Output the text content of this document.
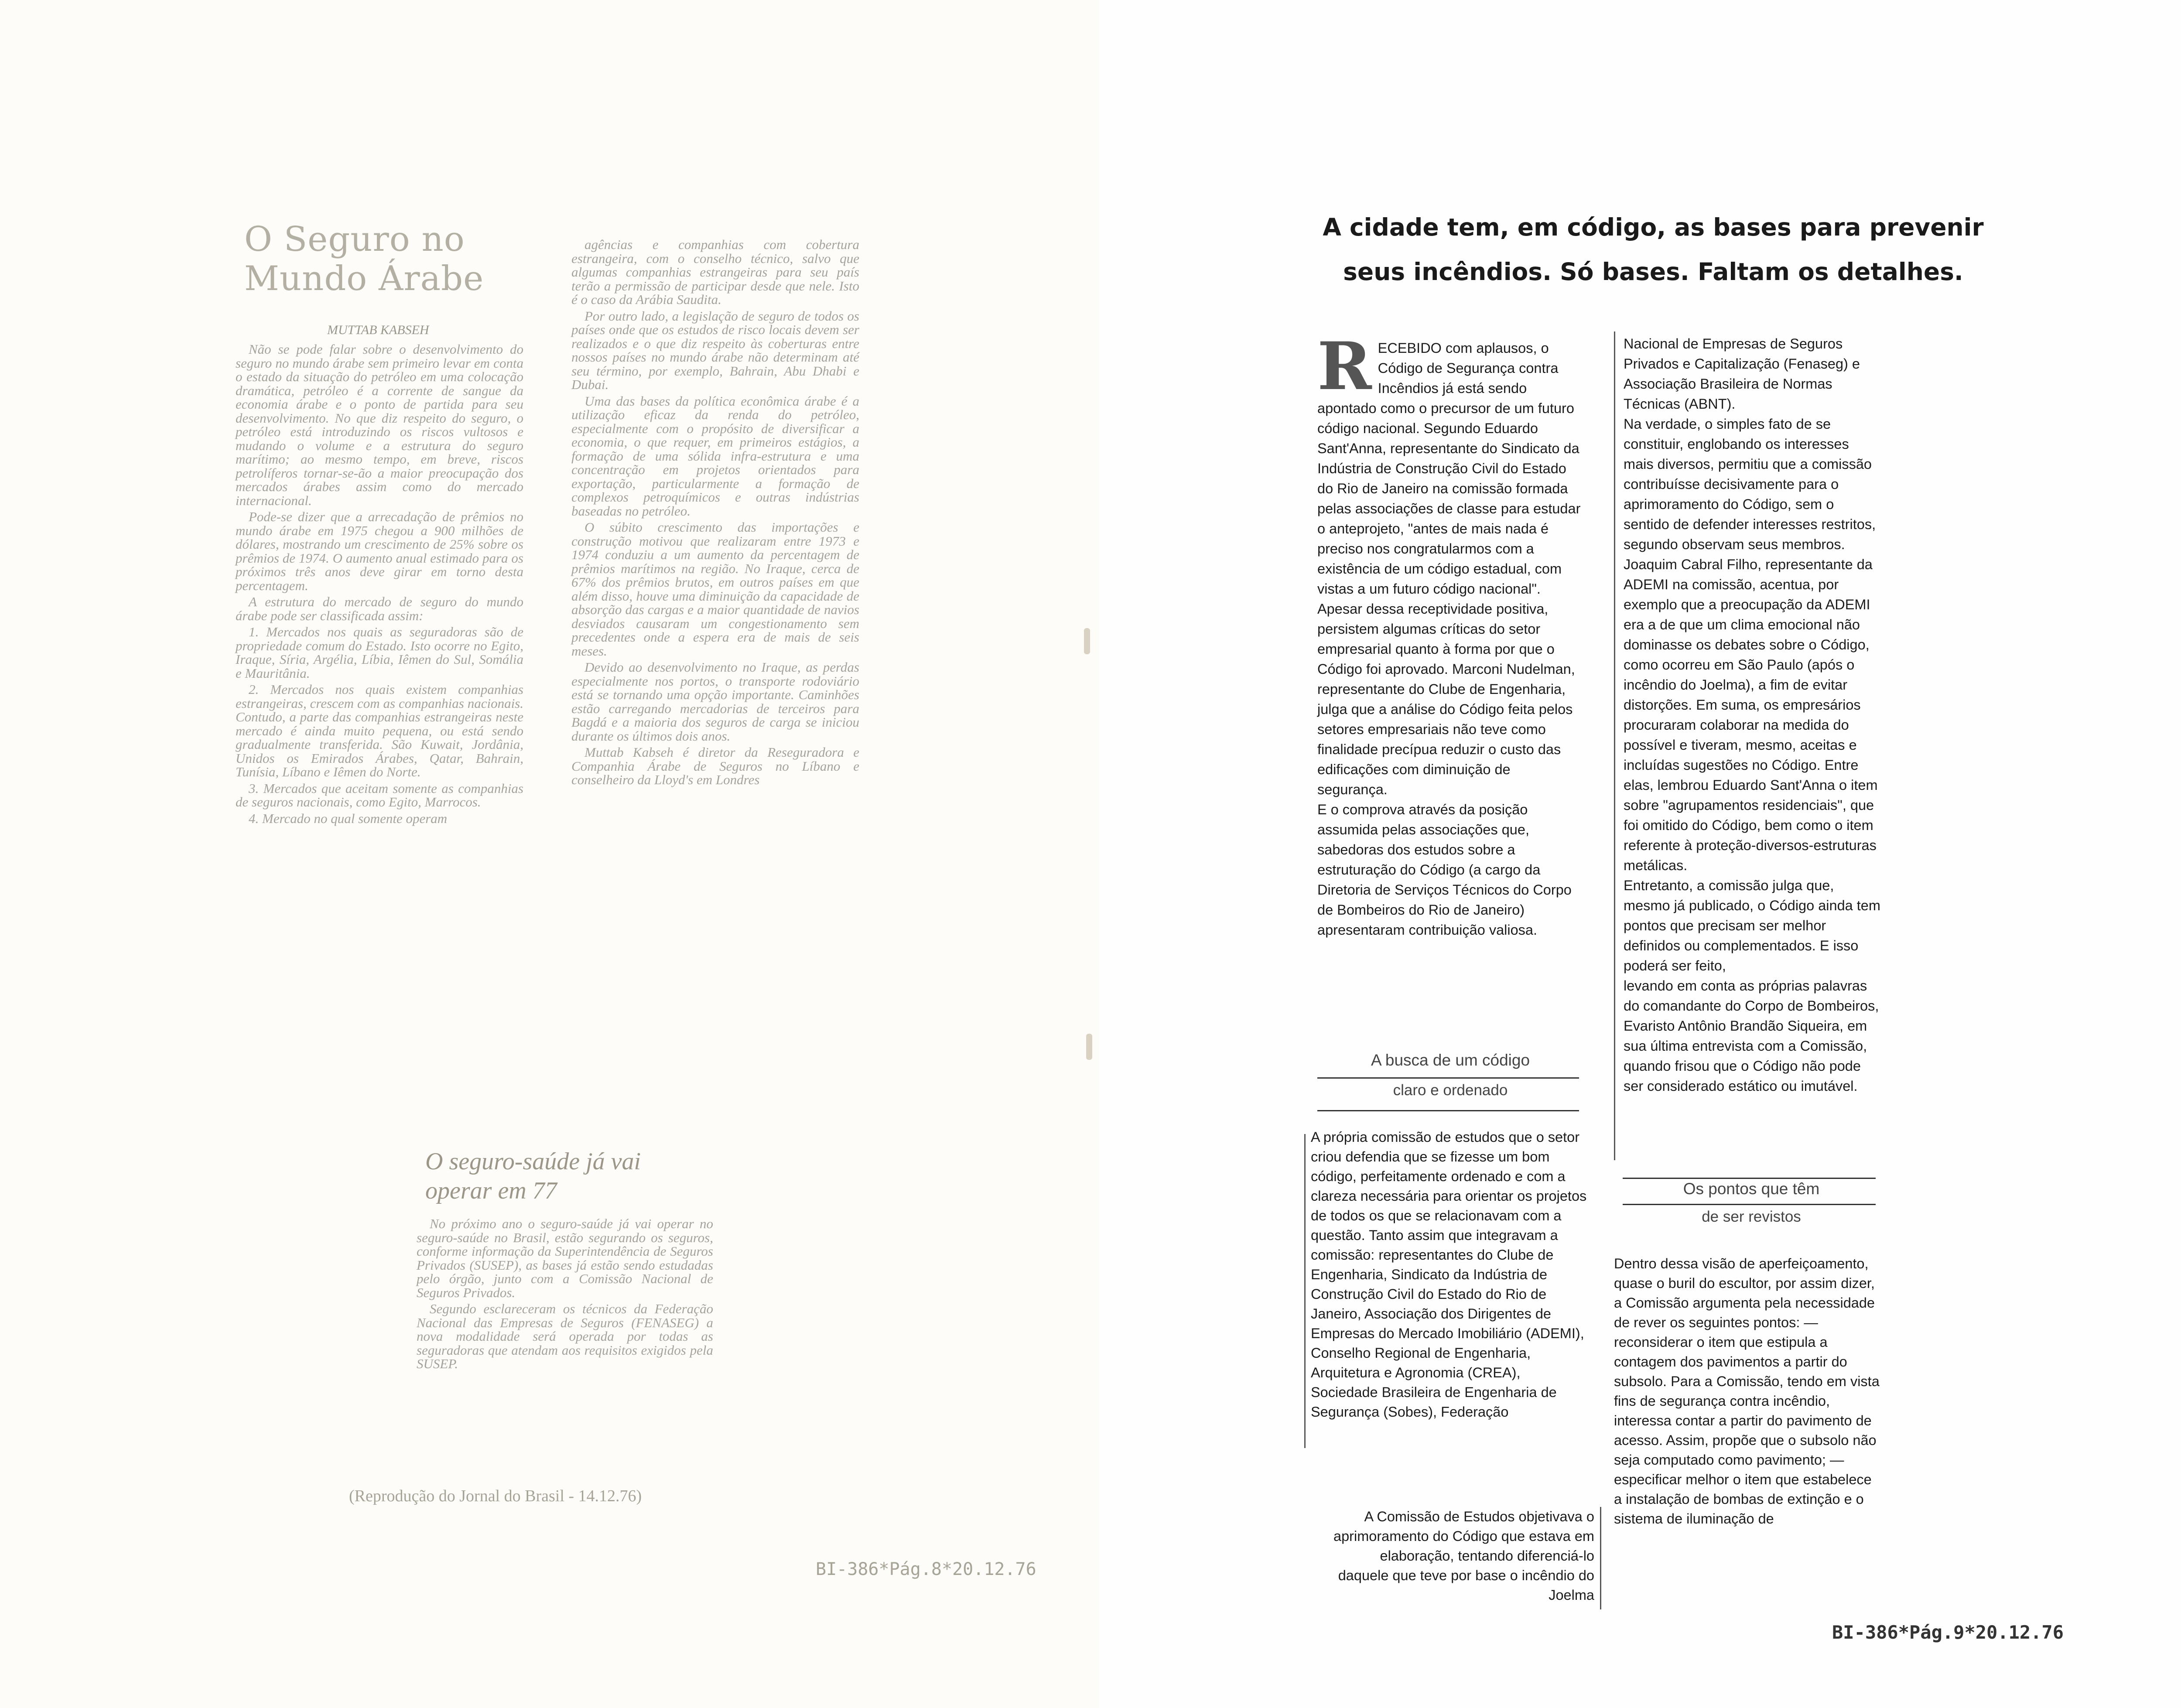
O Seguro no Mundo Árabe
MUTTAB KABSEH

Não se pode falar sobre o desenvolvimento do seguro no mundo árabe sem primeiro levar em conta o estado da situação do petróleo em uma colocação dramática, petróleo é a corrente de sangue da economia árabe e o ponto de partida para seu desenvolvimento. No que diz respeito do seguro, o petróleo está introduzindo os riscos vultosos e mudando o volume e a estrutura do seguro marítimo; ao mesmo tempo, em breve, riscos petrolíferos tornar-se-ão a maior preocupação dos mercados árabes assim como do mercado internacional.

Pode-se dizer que a arrecadação de prêmios no mundo árabe em 1975 chegou a 900 milhões de dólares, mostrando um crescimento de 25% sobre os prêmios de 1974. O aumento anual estimado para os próximos três anos deve girar em torno desta percentagem.

A estrutura do mercado de seguro do mundo árabe pode ser classificada assim:

1. Mercados nos quais as seguradoras são de propriedade comum do Estado. Isto ocorre no Egito, Iraque, Síria, Argélia, Líbia, Iêmen do Sul, Somália e Mauritânia.

2. Mercados nos quais existem companhias estrangeiras, crescem com as companhias nacionais. Contudo, a parte das companhias estrangeiras neste mercado é ainda muito pequena, ou está sendo gradualmente transferida. São Kuwait, Jordânia, Unidos os Emirados Árabes, Qatar, Bahrain, Tunísia, Líbano e Iêmen do Norte.

3. Mercados que aceitam somente as companhias de seguros nacionais, como Egito, Marrocos.

4. Mercado no qual somente operam

agências e companhias com cobertura estrangeira, com o conselho técnico, salvo que algumas companhias estrangeiras para seu país terão a permissão de participar desde que nele. Isto é o caso da Arábia Saudita.

Por outro lado, a legislação de seguro de todos os países onde que os estudos de risco locais devem ser realizados e o que diz respeito às coberturas entre nossos países no mundo árabe não determinam até seu término, por exemplo, Bahrain, Abu Dhabi e Dubai.

Uma das bases da política econômica árabe é a utilização eficaz da renda do petróleo, especialmente com o propósito de diversificar a economia, o que requer, em primeiros estágios, a formação de uma sólida infra-estrutura e uma concentração em projetos orientados para exportação, particularmente a formação de complexos petroquímicos e outras indústrias baseadas no petróleo.

O súbito crescimento das importações e construção motivou que realizaram entre 1973 e 1974 conduziu a um aumento da percentagem de prêmios marítimos na região. No Iraque, cerca de 67% dos prêmios brutos, em outros países em que além disso, houve uma diminuição da capacidade de absorção das cargas e a maior quantidade de navios desviados causaram um congestionamento sem precedentes onde a espera era de mais de seis meses.

Devido ao desenvolvimento no Iraque, as perdas especialmente nos portos, o transporte rodoviário está se tornando uma opção importante. Caminhões estão carregando mercadorias de terceiros para Bagdá e a maioria dos seguros de carga se iniciou durante os últimos dois anos.

Muttab Kabseh é diretor da Reseguradora e Companhia Árabe de Seguros no Líbano e conselheiro da Lloyd's em Londres

O seguro-saúde já vai operar em 77

No próximo ano o seguro-saúde já vai operar no seguro-saúde no Brasil, estão segurando os seguros, conforme informação da Superintendência de Seguros Privados (SUSEP), as bases já estão sendo estudadas pelo órgão, junto com a Comissão Nacional de Seguros Privados.

Segundo esclareceram os técnicos da Federação Nacional das Empresas de Seguros (FENASEG) a nova modalidade será operada por todas as seguradoras que atendam aos requisitos exigidos pela SUSEP.

(Reprodução do Jornal do Brasil - 14.12.76)
BI-386*Pág.8*20.12.76
A cidade tem, em código, as bases para prevenir
seus incêndios. Só bases. Faltam os detalhes.

RECEBIDO com aplausos, o Código de Segurança contra Incêndios já está sendo apontado como o precursor de um futuro código nacional. Segundo Eduardo Sant'Anna, representante do Sindicato da Indústria de Construção Civil do Estado do Rio de Janeiro na comissão formada pelas associações de classe para estudar o anteprojeto, "antes de mais nada é preciso nos congratularmos com a existência de um código estadual, com vistas a um futuro código nacional".

Apesar dessa receptividade positiva, persistem algumas críticas do setor empresarial quanto à forma por que o Código foi aprovado. Marconi Nudelman, representante do Clube de Engenharia, julga que a análise do Código feita pelos setores empresariais não teve como finalidade precípua reduzir o custo das edificações com diminuição de segurança.

E o comprova através da posição assumida pelas associações que, sabedoras dos estudos sobre a estruturação do Código (a cargo da Diretoria de Serviços Técnicos do Corpo de Bombeiros do Rio de Janeiro) apresentaram contribuição valiosa.

A busca de um código
claro e ordenado
A própria comissão de estudos que o setor criou defendia que se fizesse um bom código, perfeitamente ordenado e com a clareza necessária para orientar os projetos de todos os que se relacionavam com a questão. Tanto assim que integravam a comissão: representantes do Clube de Engenharia, Sindicato da Indústria de Construção Civil do Estado do Rio de Janeiro, Associação dos Dirigentes de Empresas do Mercado Imobiliário (ADEMI), Conselho Regional de Engenharia, Arquitetura e Agronomia (CREA), Sociedade Brasileira de Engenharia de Segurança (Sobes), Federação
A Comissão de Estudos objetivava o aprimoramento do Código que estava em elaboração, tentando diferenciá-lo daquele que teve por base o incêndio do Joelma

Nacional de Empresas de Seguros Privados e Capitalização (Fenaseg) e Associação Brasileira de Normas Técnicas (ABNT).

Na verdade, o simples fato de se constituir, englobando os interesses mais diversos, permitiu que a comissão contribuísse decisivamente para o aprimoramento do Código, sem o sentido de defender interesses restritos, segundo observam seus membros. Joaquim Cabral Filho, representante da ADEMI na comissão, acentua, por exemplo que a preocupação da ADEMI era a de que um clima emocional não dominasse os debates sobre o Código, como ocorreu em São Paulo (após o incêndio do Joelma), a fim de evitar distorções. Em suma, os empresários procuraram colaborar na medida do possível e tiveram, mesmo, aceitas e incluídas sugestões no Código. Entre elas, lembrou Eduardo Sant'Anna o item sobre "agrupamentos residenciais", que foi omitido do Código, bem como o item referente à proteção-diversos-estruturas metálicas.

Entretanto, a comissão julga que, mesmo já publicado, o Código ainda tem pontos que precisam ser melhor definidos ou complementados. E isso poderá ser feito,

levando em conta as próprias palavras do comandante do Corpo de Bombeiros, Evaristo Antônio Brandão Siqueira, em sua última entrevista com a Comissão, quando frisou que o Código não pode ser considerado estático ou imutável.

Os pontos que têm
de ser revistos
Dentro dessa visão de aperfeiçoamento, quase o buril do escultor, por assim dizer, a Comissão argumenta pela necessidade de rever os seguintes pontos: — reconsiderar o item que estipula a contagem dos pavimentos a partir do subsolo. Para a Comissão, tendo em vista fins de segurança contra incêndio, interessa contar a partir do pavimento de acesso. Assim, propõe que o subsolo não seja computado como pavimento; — especificar melhor o item que estabelece a instalação de bombas de extinção e o sistema de iluminação de
BI-386*Pág.9*20.12.76
